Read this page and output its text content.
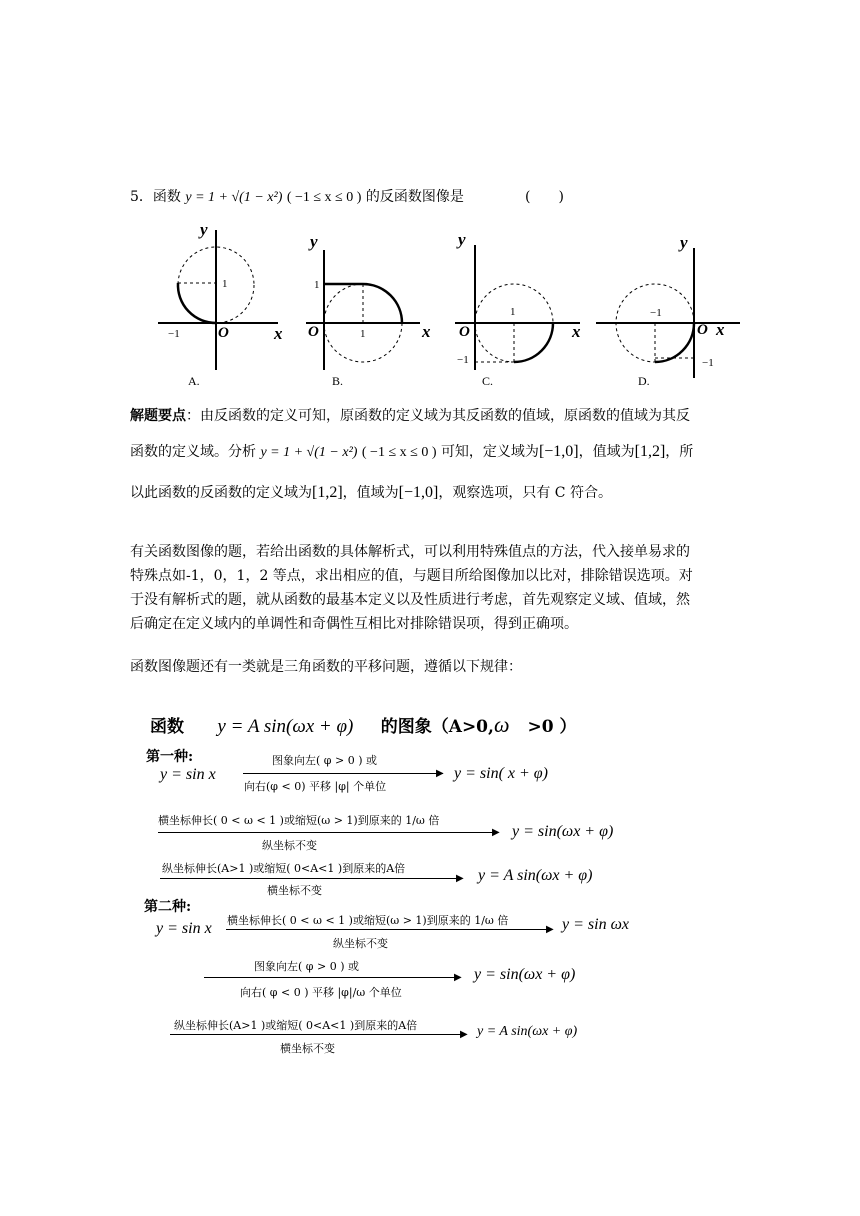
5．函数 y = 1 + √(1 − x²) ( −1 ≤ x ≤ 0 ) 的反函数图像是	(　　)
y
x
O
−1
1
A.
y
x
O	1
1
B.
y
x
O
1
−1
C.
y
x
O
−1
−1
D.
解题要点：由反函数的定义可知，原函数的定义域为其反函数的值域，原函数的值域为其反
函数的定义域。分析 y = 1 + √(1 − x²) ( −1 ≤ x ≤ 0 ) 可知，定义域为[−1,0]，值域为[1,2]，所
以此函数的反函数的定义域为[1,2]，值域为[−1,0]，观察选项，只有 C 符合。
有关函数图像的题，若给出函数的具体解析式，可以利用特殊值点的方法，代入接单易求的
特殊点如-1，0，1，2 等点，求出相应的值，与题目所给图像加以比对，排除错误选项。对
于没有解析式的题，就从函数的最基本定义以及性质进行考虑，首先观察定义域、值域，然
后确定在定义域内的单调性和奇偶性互相比对排除错误项，得到正确项。
函数图像题还有一类就是三角函数的平移问题，遵循以下规律：
函数 y = A sin(ωx + φ) 的图象（A>0,ω >0 ）
第一种:
y = sin x
图象向左( φ > 0 ) 或
▶
向右(φ < 0) 平移 |φ| 个单位
y = sin( x + φ)
横坐标伸长( 0 < ω < 1 )或缩短(ω > 1)到原来的 1/ω 倍
▶
纵坐标不变
y = sin(ωx + φ)
纵坐标伸长(A>1 )或缩短( 0<A<1 )到原来的A倍
▶
横坐标不变
y = A sin(ωx + φ)
第二种:
y = sin x 横坐标伸长( 0 < ω < 1 )或缩短(ω > 1)到原来的 1/ω 倍
▶
纵坐标不变
y = sin ωx
图象向左( φ > 0 ) 或
▶
向右( φ < 0 ) 平移 |φ|/ω 个单位
y = sin(ωx + φ)
纵坐标伸长(A>1 )或缩短( 0<A<1 )到原来的A倍
▶
横坐标不变
y = A sin(ωx + φ)
